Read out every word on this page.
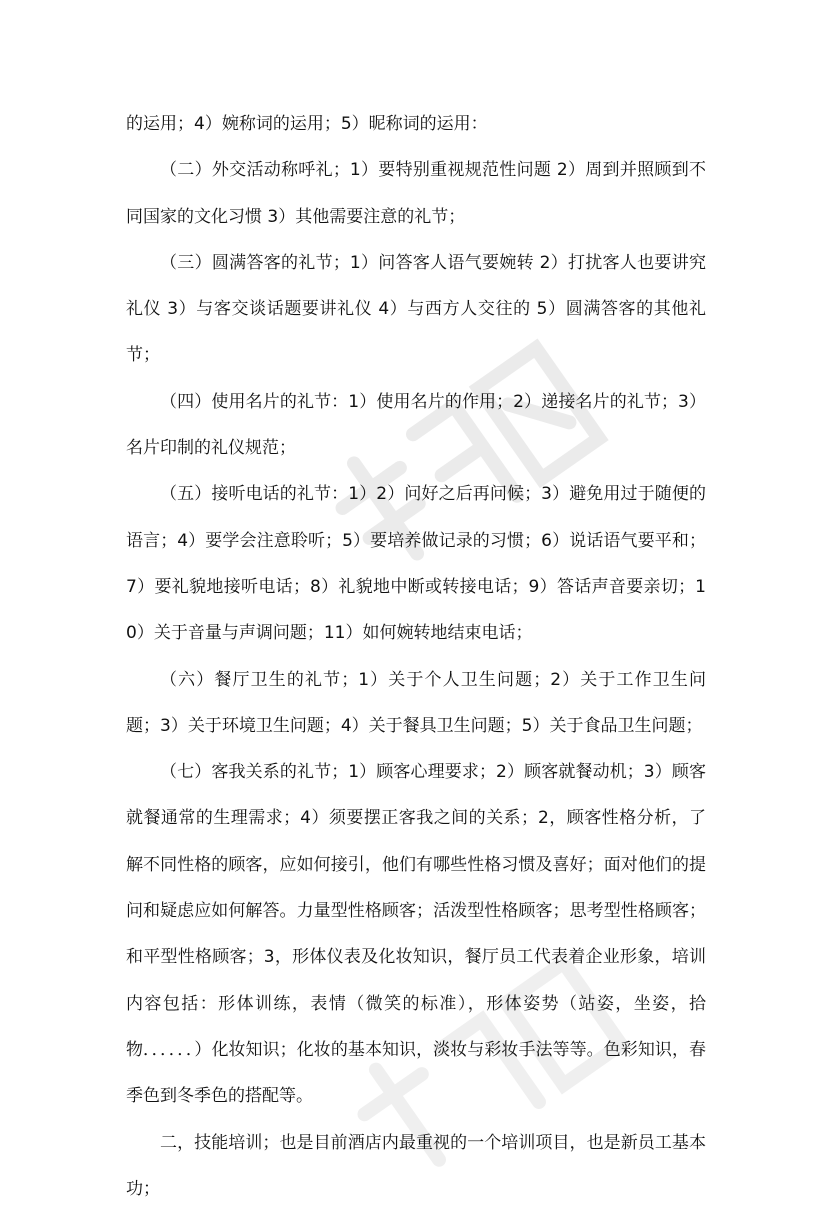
的运用；4）婉称词的运用；5）昵称词的运用：

（二）外交活动称呼礼；1）要特别重视规范性问题 2）周到并照顾到不同国家的文化习惯 3）其他需要注意的礼节；

（三）圆满答客的礼节；1）问答客人语气要婉转 2）打扰客人也要讲究礼仪 3）与客交谈话题要讲礼仪 4）与西方人交往的 5）圆满答客的其他礼节；

（四）使用名片的礼节：1）使用名片的作用；2）递接名片的礼节；3）名片印制的礼仪规范；

（五）接听电话的礼节：1）2）问好之后再问候；3）避免用过于随便的语言；4）要学会注意聆听；5）要培养做记录的习惯；6）说话语气要平和；7）要礼貌地接听电话；8）礼貌地中断或转接电话；9）答话声音要亲切；10）关于音量与声调问题；11）如何婉转地结束电话；

（六）餐厅卫生的礼节；1）关于个人卫生问题；2）关于工作卫生问题；3）关于环境卫生问题；4）关于餐具卫生问题；5）关于食品卫生问题；

（七）客我关系的礼节；1）顾客心理要求；2）顾客就餐动机；3）顾客就餐通常的生理需求；4）须要摆正客我之间的关系；2，顾客性格分析，了解不同性格的顾客，应如何接引，他们有哪些性格习惯及喜好；面对他们的提问和疑虑应如何解答。力量型性格顾客；活泼型性格顾客；思考型性格顾客；和平型性格顾客；3，形体仪表及化妆知识，餐厅员工代表着企业形象，培训内容包括：形体训练，表情（微笑的标准），形体姿势（站姿，坐姿，拾物．．．．．．）化妆知识；化妆的基本知识，淡妆与彩妆手法等等。色彩知识，春季色到冬季色的搭配等。

二，技能培训；也是目前酒店内最重视的一个培训项目，也是新员工基本功；
